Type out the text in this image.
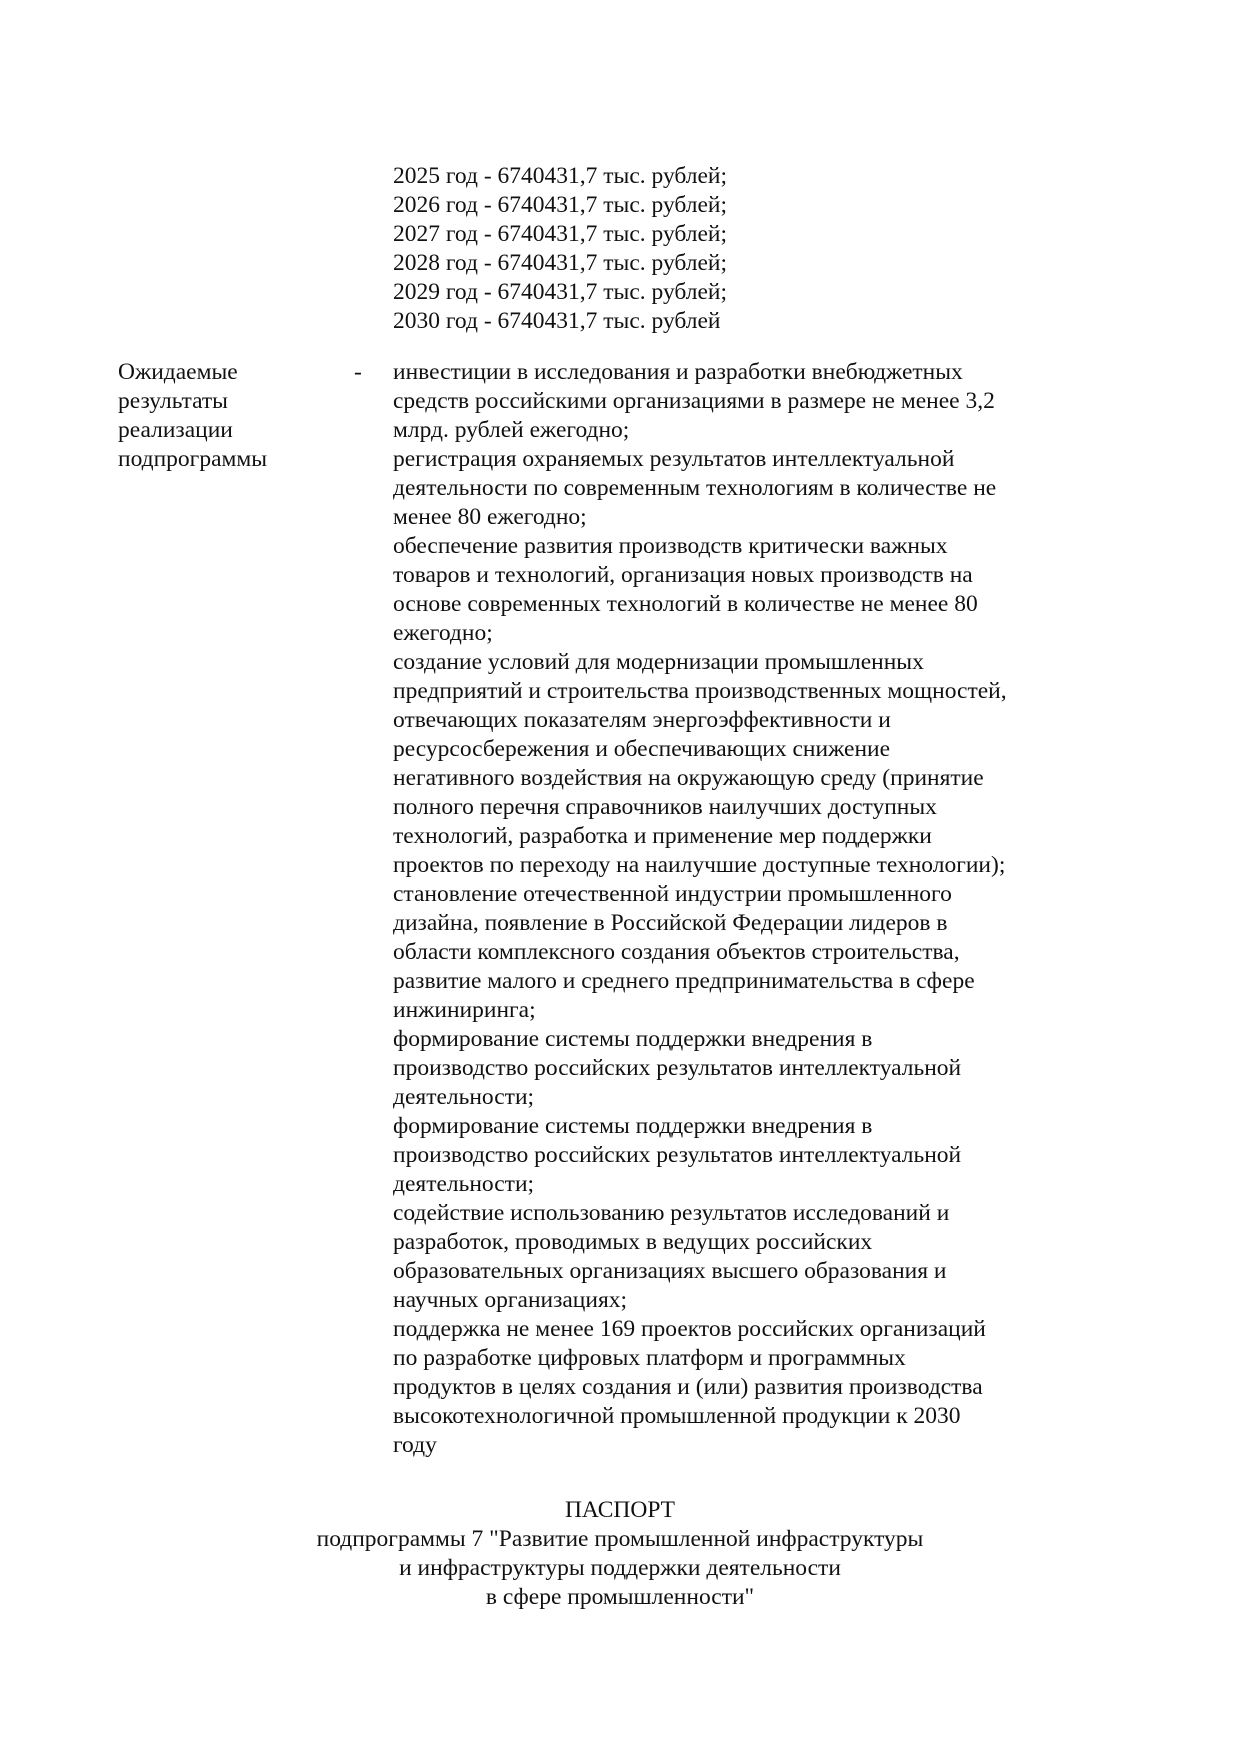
2025 год - 6740431,7 тыс. рублей;
2026 год - 6740431,7 тыс. рублей;
2027 год - 6740431,7 тыс. рублей;
2028 год - 6740431,7 тыс. рублей;
2029 год - 6740431,7 тыс. рублей;
2030 год - 6740431,7 тыс. рублей
Ожидаемые
результаты
реализации
подпрограммы
- инвестиции в исследования и разработки внебюджетных
средств российскими организациями в размере не менее 3,2
млрд. рублей ежегодно;
регистрация охраняемых результатов интеллектуальной
деятельности по современным технологиям в количестве не
менее 80 ежегодно;
обеспечение развития производств критически важных
товаров и технологий, организация новых производств на
основе современных технологий в количестве не менее 80
ежегодно;
создание условий для модернизации промышленных
предприятий и строительства производственных мощностей,
отвечающих показателям энергоэффективности и
ресурсосбережения и обеспечивающих снижение
негативного воздействия на окружающую среду (принятие
полного перечня справочников наилучших доступных
технологий, разработка и применение мер поддержки
проектов по переходу на наилучшие доступные технологии);
становление отечественной индустрии промышленного
дизайна, появление в Российской Федерации лидеров в
области комплексного создания объектов строительства,
развитие малого и среднего предпринимательства в сфере
инжиниринга;
формирование системы поддержки внедрения в
производство российских результатов интеллектуальной
деятельности;
формирование системы поддержки внедрения в
производство российских результатов интеллектуальной
деятельности;
содействие использованию результатов исследований и
разработок, проводимых в ведущих российских
образовательных организациях высшего образования и
научных организациях;
поддержка не менее 169 проектов российских организаций
по разработке цифровых платформ и программных
продуктов в целях создания и (или) развития производства
высокотехнологичной промышленной продукции к 2030
году
ПАСПОРТ
подпрограммы 7 "Развитие промышленной инфраструктуры
и инфраструктуры поддержки деятельности
в сфере промышленности"
